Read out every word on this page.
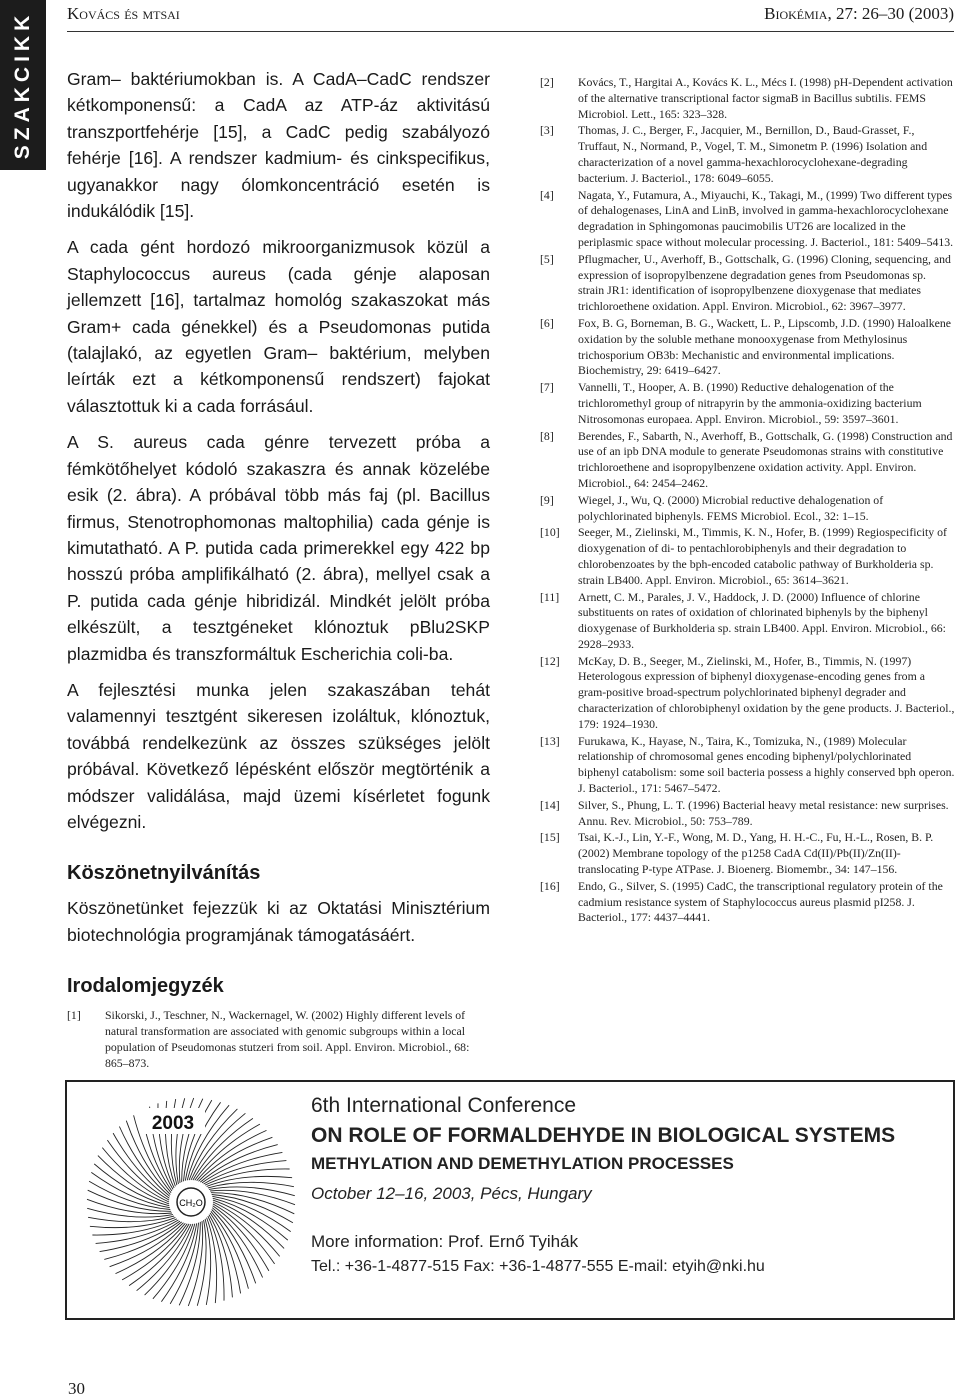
SZAKCIKK Kovács és mtsai	Biokémia, 27: 26–30 (2003)

Gram– baktériumokban is. A CadA–CadC rendszer kétkomponensű: a CadA az ATP-áz aktivitású transzportfehérje [15], a CadC pedig szabályozó fehérje [16]. A rendszer kadmium- és cinkspecifikus, ugyanakkor nagy ólomkoncentráció esetén is indukálódik [15].

A cada gént hordozó mikroorganizmusok közül a Staphylococcus aureus (cada génje alaposan jellemzett [16], tartalmaz homológ szakaszokat más Gram+ cada génekkel) és a Pseudomonas putida (talajlakó, az egyetlen Gram– baktérium, melyben leírták ezt a kétkomponensű rendszert) fajokat választottuk ki a cada forrásául.

A S. aureus cada génre tervezett próba a fémkötőhelyet kódoló szakaszra és annak közelébe esik (2. ábra). A próbával több más faj (pl. Bacillus firmus, Stenotrophomonas maltophilia) cada génje is kimutatható. A P. putida cada primerekkel egy 422 bp hosszú próba amplifikálható (2. ábra), mellyel csak a P. putida cada génje hibridizál. Mindkét jelölt próba elkészült, a tesztgéneket klónoztuk pBlu2SKP plazmidba és transzformáltuk Escherichia coli-ba.

A fejlesztési munka jelen szakaszában tehát valamennyi tesztgént sikeresen izoláltuk, klónoztuk, továbbá rendelkezünk az összes szükséges jelölt próbával. Következő lépésként először megtörténik a módszer validálása, majd üzemi kísérletet fogunk elvégezni.

Köszönetnyilvánítás

Köszönetünket fejezzük ki az Oktatási Minisztérium biotechnológia programjának támogatásáért.

Irodalomjegyzék
[1]	Sikorski, J., Teschner, N., Wackernagel, W. (2002) Highly different levels of natural transformation are associated with genomic subgroups within a local population of Pseudomonas stutzeri from soil. Appl. Environ. Microbiol., 68: 865–873.
[2]	Kovács, T., Hargitai A., Kovács K. L., Mécs I. (1998) pH-Dependent activation of the alternative transcriptional factor sigmaB in Bacillus subtilis. FEMS Microbiol. Lett., 165: 323–328.
[3]	Thomas, J. C., Berger, F., Jacquier, M., Bernillon, D., Baud-Grasset, F., Truffaut, N., Normand, P., Vogel, T. M., Simonetm P. (1996) Isolation and characterization of a novel gamma-hexachlorocyclohexane-degrading bacterium. J. Bacteriol., 178: 6049–6055.
[4]	Nagata, Y., Futamura, A., Miyauchi, K., Takagi, M., (1999) Two different types of dehalogenases, LinA and LinB, involved in gamma-hexachlorocyclohexane degradation in Sphingomonas paucimobilis UT26 are localized in the periplasmic space without molecular processing. J. Bacteriol., 181: 5409–5413.
[5]	Pflugmacher, U., Averhoff, B., Gottschalk, G. (1996) Cloning, sequencing, and expression of isopropylbenzene degradation genes from Pseudomonas sp. strain JR1: identification of isopropylbenzene dioxygenase that mediates trichloroethene oxidation. Appl. Environ. Microbiol., 62: 3967–3977.
[6]	Fox, B. G, Borneman, B. G., Wackett, L. P., Lipscomb, J.D. (1990) Haloalkene oxidation by the soluble methane monooxygenase from Methylosinus trichosporium OB3b: Mechanistic and environmental implications. Biochemistry, 29: 6419–6427.
[7]	Vannelli, T., Hooper, A. B. (1990) Reductive dehalogenation of the trichloromethyl group of nitrapyrin by the ammonia-oxidizing bacterium Nitrosomonas europaea. Appl. Environ. Microbiol., 59: 3597–3601.
[8]	Berendes, F., Sabarth, N., Averhoff, B., Gottschalk, G. (1998) Construction and use of an ipb DNA module to generate Pseudomonas strains with constitutive trichloroethene and isopropylbenzene oxidation activity. Appl. Environ. Microbiol., 64: 2454–2462.
[9]	Wiegel, J., Wu, Q. (2000) Microbial reductive dehalogenation of polychlorinated biphenyls. FEMS Microbiol. Ecol., 32: 1–15.
[10]	Seeger, M., Zielinski, M., Timmis, K. N., Hofer, B. (1999) Regiospecificity of dioxygenation of di- to pentachlorobiphenyls and their degradation to chlorobenzoates by the bph-encoded catabolic pathway of Burkholderia sp. strain LB400. Appl. Environ. Microbiol., 65: 3614–3621.
[11]	Arnett, C. M., Parales, J. V., Haddock, J. D. (2000) Influence of chlorine substituents on rates of oxidation of chlorinated biphenyls by the biphenyl dioxygenase of Burkholderia sp. strain LB400. Appl. Environ. Microbiol., 66: 2928–2933.
[12]	McKay, D. B., Seeger, M., Zielinski, M., Hofer, B., Timmis, N. (1997) Heterologous expression of biphenyl dioxygenase-encoding genes from a gram-positive broad-spectrum polychlorinated biphenyl degrader and characterization of chlorobiphenyl oxidation by the gene products. J. Bacteriol., 179: 1924–1930.
[13]	Furukawa, K., Hayase, N., Taira, K., Tomizuka, N., (1989) Molecular relationship of chromosomal genes encoding biphenyl/polychlorinated biphenyl catabolism: some soil bacteria possess a highly conserved bph operon. J. Bacteriol., 171: 5467–5472.
[14]	Silver, S., Phung, L. T. (1996) Bacterial heavy metal resistance: new surprises. Annu. Rev. Microbiol., 50: 753–789.
[15]	Tsai, K.-J., Lin, Y.-F., Wong, M. D., Yang, H. H.-C., Fu, H.-L., Rosen, B. P. (2002) Membrane topology of the p1258 CadA Cd(II)/Pb(II)/Zn(II)-translocating P-type ATPase. J. Bioenerg. Biomembr., 34: 147–156.
[16]	Endo, G., Silver, S. (1995) CadC, the transcriptional regulatory protein of the cadmium resistance system of Staphylococcus aureus plasmid pI258. J. Bacteriol., 177: 4437–4441.
CH₂O
2003
6th International Conference
ON ROLE OF FORMALDEHYDE IN BIOLOGICAL SYSTEMS
METHYLATION AND DEMETHYLATION PROCESSES
October 12–16, 2003, Pécs, Hungary
More information: Prof. Ernő Tyihák
Tel.: +36-1-4877-515 Fax: +36-1-4877-555 E-mail: etyih@nki.hu
30
